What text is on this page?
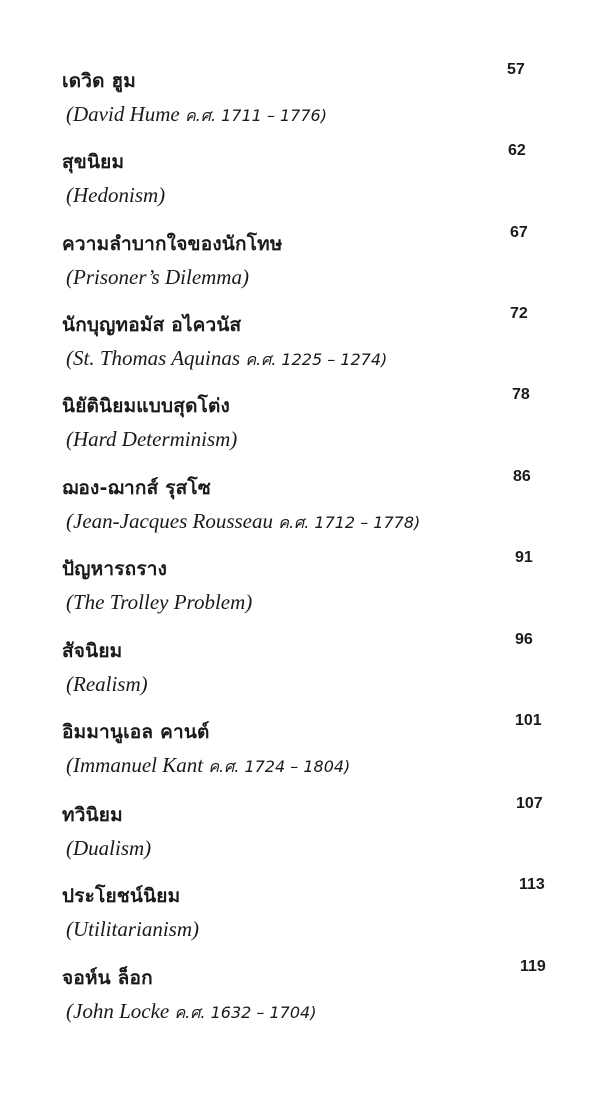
เดวิด ฮูม
(David Hume ค.ศ. 1711 – 1776)
57
สุขนิยม
(Hedonism)
62
ความลำบากใจของนักโทษ
(Prisoner’s Dilemma)
67
นักบุญทอมัส อไควนัส
(St. Thomas Aquinas ค.ศ. 1225 – 1274)
72
นิยัตินิยมแบบสุดโต่ง
(Hard Determinism)
78
ฌอง-ฌากส์ รุสโซ
(Jean-Jacques Rousseau ค.ศ. 1712 – 1778)
86
ปัญหารถราง
(The Trolley Problem)
91
สัจนิยม
(Realism)
96
อิมมานูเอล คานต์
(Immanuel Kant ค.ศ. 1724 – 1804)
101
ทวินิยม
(Dualism)
107
ประโยชน์นิยม
(Utilitarianism)
113
จอห์น ล็อก
(John Locke ค.ศ. 1632 – 1704)
119
